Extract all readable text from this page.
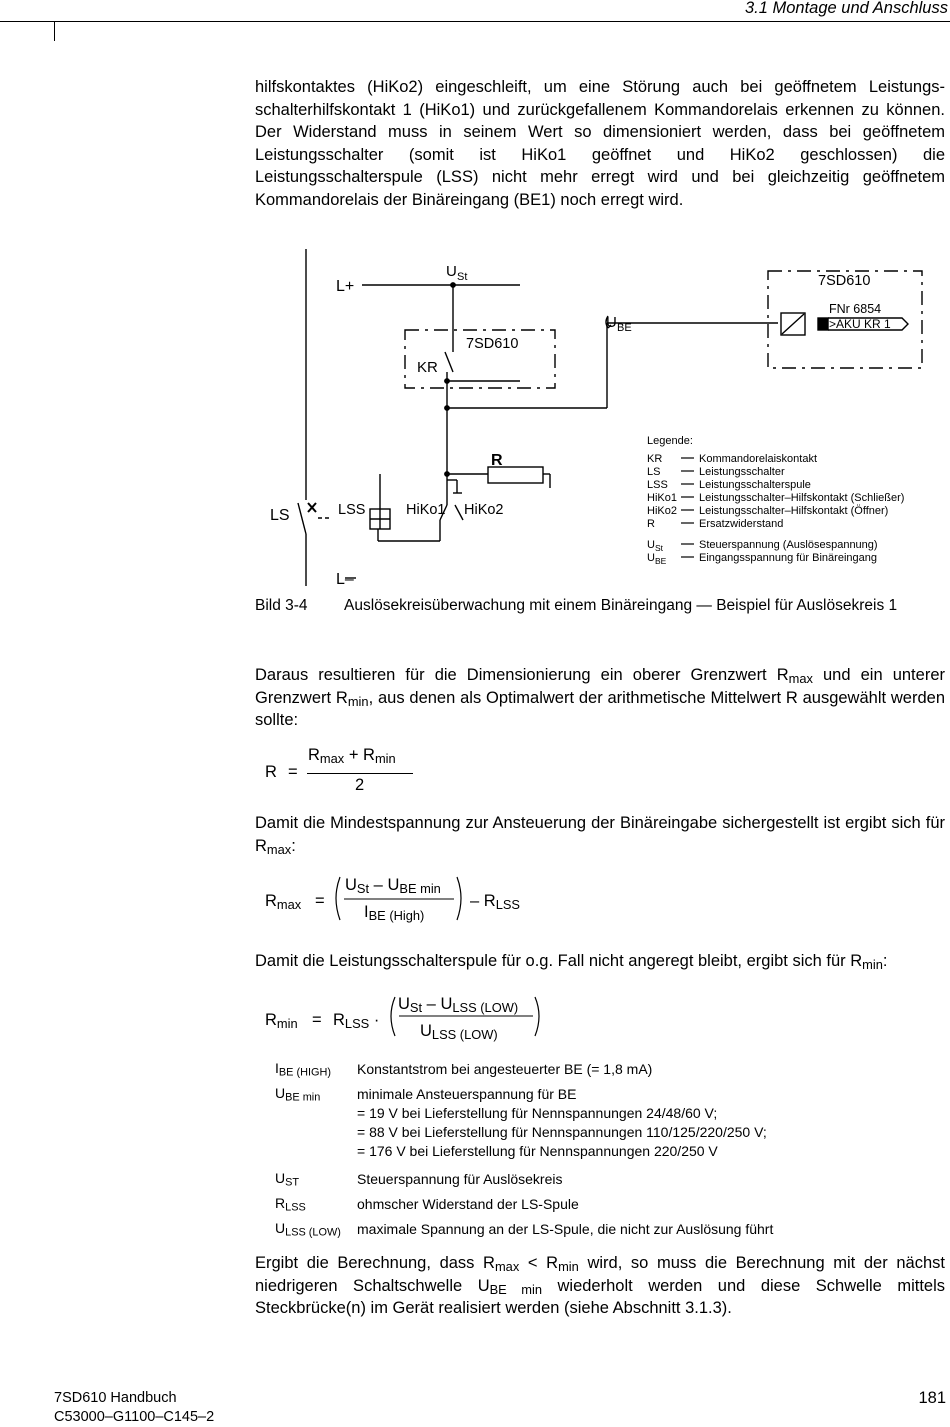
3.1 Montage und Anschluss

hilfskontaktes (HiKo2) eingeschleift, um eine Störung auch bei geöffnetem Leistungsschalterhilfskontakt 1 (HiKo1) und zurückgefallenem Kommandorelais erkennen zu können. Der Widerstand muss in seinem Wert so dimensioniert werden, dass bei geöffnetem Leistungsschalter (somit ist HiKo1 geöffnet und HiKo2 geschlossen) die Leistungsschalterspule (LSS) nicht mehr erregt wird und bei gleichzeitig geöffnetem Kommandorelais der Binäreingang (BE1) noch erregt wird.

L+
L–
U St
U BE
7SD610
7SD610
KR
FNr 6854
>AKU KR 1
R
LS	LSS	HiKo1 HiKo2
Legende:
KR	Kommandorelaiskontakt
LS	Leistungsschalter
LSS	Leistungsschalterspule
HiKo1 Leistungsschalter–Hilfskontakt (Schließer)
HiKo2 Leistungsschalter–Hilfskontakt (Öffner)
R	Ersatzwiderstand
$U_{St}$	Steuerspannung (Auslösespannung)
$U_{BE}$	Eingangsspannung für Binäreingang
Bild 3-4 Auslösekreisüberwachung mit einem Binäreingang — Beispiel für Auslösekreis 1

Daraus resultieren für die Dimensionierung ein oberer Grenzwert $R_{max}$ und ein unterer Grenzwert $R_{min}$, aus denen als Optimalwert der arithmetische Mittelwert R ausgewählt werden sollte:

R =
$R_{max} + R_{min}$
2

Damit die Mindestspannung zur Ansteuerung der Binäreingabe sichergestellt ist ergibt sich für $R_{max}$:

$R_{max}$ =
$U_{St} - U_{BE min}$
$I_{BE (High)}$
– $R_{LSS}$

Damit die Leistungsschalterspule für o.g. Fall nicht angeregt bleibt, ergibt sich für $R_{min}$:

$R_{min} = R_{LSS}$ ·
$U_{St} - U_{LSS (LOW)}$
$U_{LSS (LOW)}$
$I_{BE (HIGH)}$ Konstantstrom bei angesteuerter BE (= 1,8 mA)
$U_{BE min}$	minimale Ansteuerspannung für BE
= 19 V bei Lieferstellung für Nennspannungen 24/48/60 V;
= 88 V bei Lieferstellung für Nennspannungen 110/125/220/250 V;
= 176 V bei Lieferstellung für Nennspannungen 220/250 V
$U_{ST}$	Steuerspannung für Auslösekreis
$R_{LSS}$	ohmscher Widerstand der LS-Spule
$U_{LSS (LOW)}$ maximale Spannung an der LS-Spule, die nicht zur Auslösung führt

Ergibt die Berechnung, dass $R_{max} < R_{min}$ wird, so muss die Berechnung mit der nächst niedrigeren Schaltschwelle $U_{BE min}$ wiederholt werden und diese Schwelle mittels Steckbrücke(n) im Gerät realisiert werden (siehe Abschnitt 3.1.3).

7SD610 Handbuch
C53000–G1100–C145–2
181
